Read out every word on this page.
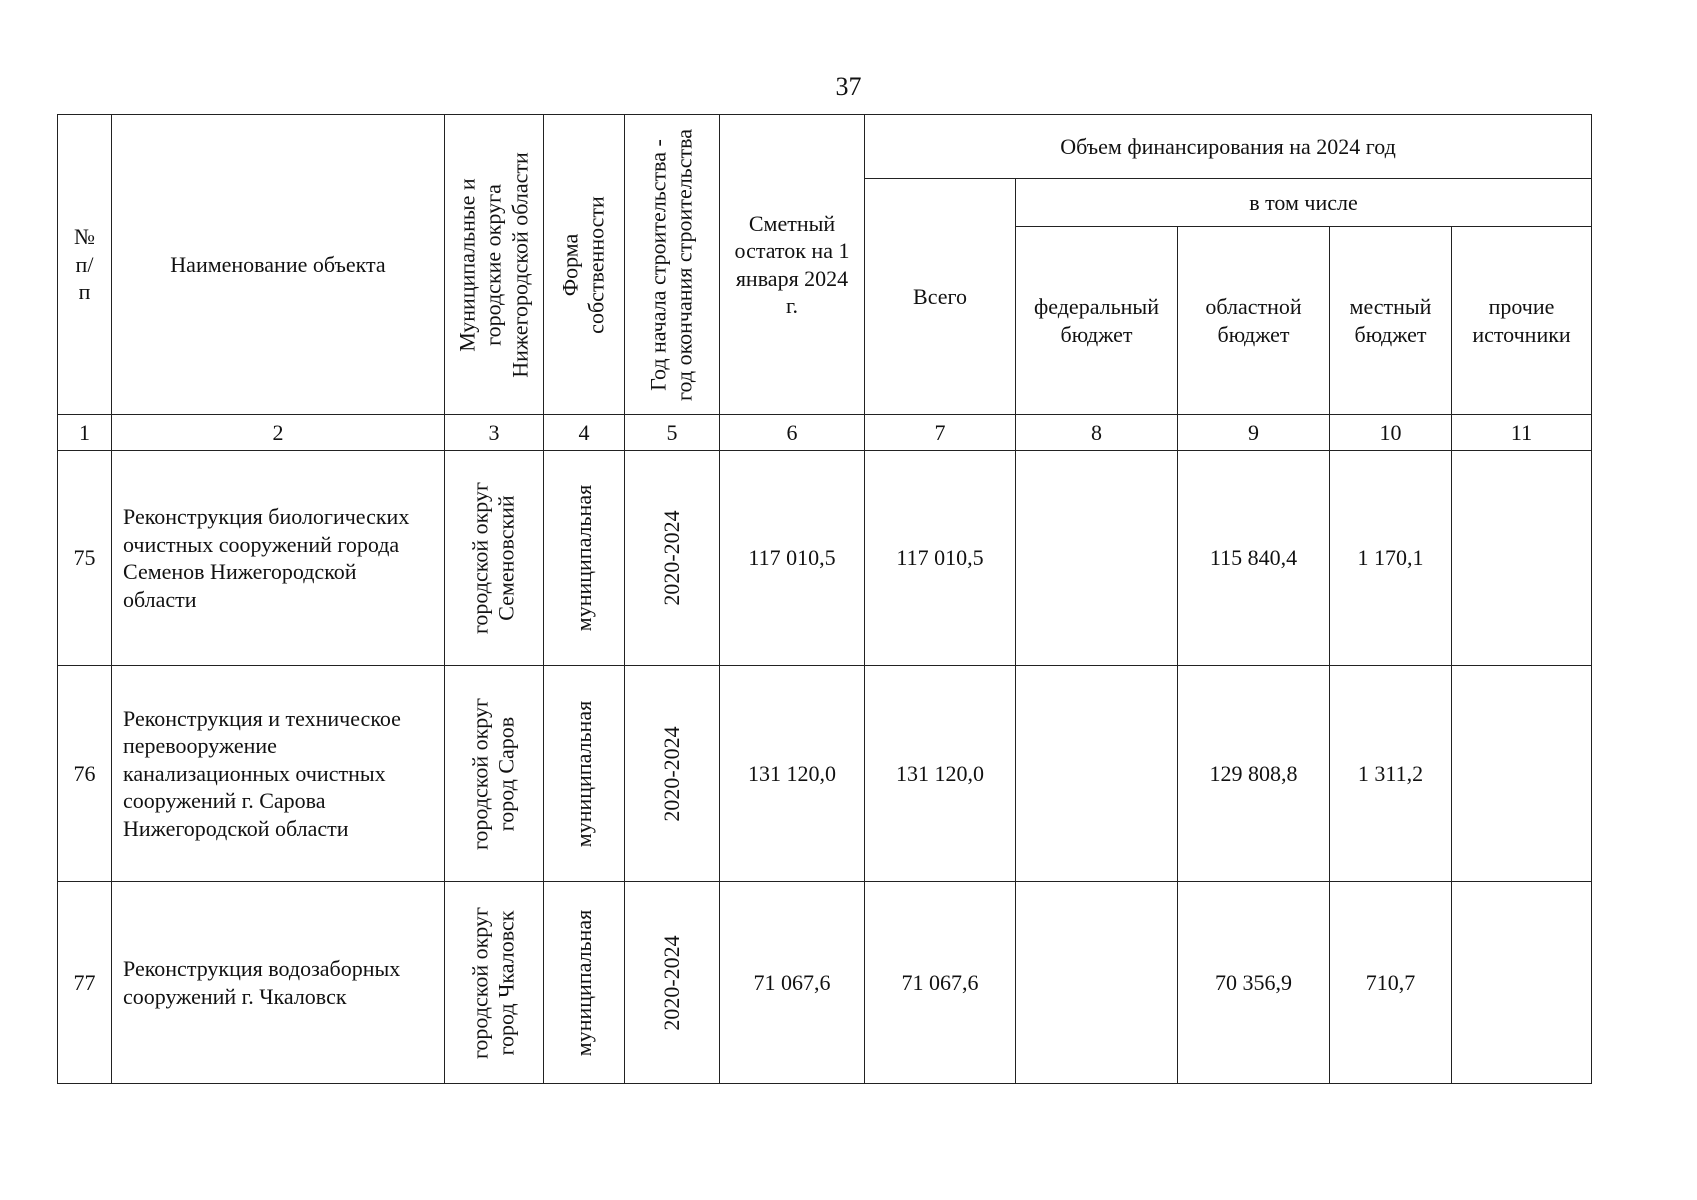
37
№ п/ п	Наименование объекта	Муниципальные и городские округа Нижегородской области	Форма собственности	Год начала строительства - год окончания строительства	Сметный остаток на 1 января 2024 г.	Объем финансирования на 2024 год				
						Всего	в том числе			
							федеральный бюджет	областной бюджет	местный бюджет	прочие источники
1	2	3	4	5	6	7	8	9	10	11
75	Реконструкция биологических очистных сооружений города Семенов Нижегородской области	городской округ Семеновский	муниципальная	2020-2024	117 010,5	117 010,5		115 840,4	1 170,1	
76	Реконструкция и техническое перевооружение канализационных очистных сооружений г. Сарова Нижегородской области	городской округ город Саров	муниципальная	2020-2024	131 120,0	131 120,0		129 808,8	1 311,2	
77	Реконструкция водозаборных сооружений г. Чкаловск	городской округ город Чкаловск	муниципальная	2020-2024	71 067,6	71 067,6		70 356,9	710,7	
